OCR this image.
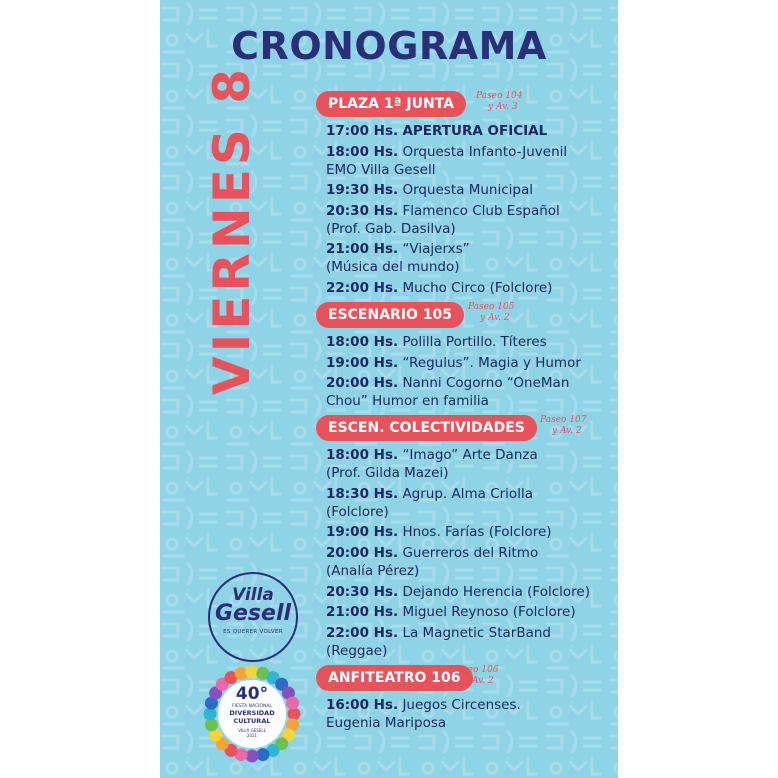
CRONOGRAMA
VIERNES 8	PLAZA 1ª JUNTA Paseo 104
y Av. 3
17:00 Hs. APERTURA OFICIAL
18:00 Hs. Orquesta Infanto-Juvenil
EMO Villa Gesell
19:30 Hs. Orquesta Municipal
20:30 Hs. Flamenco Club Español
(Prof. Gab. Dasilva)
21:00 Hs. “Viajerxs”
(Música del mundo)
22:00 Hs. Mucho Circo (Folclore)
ESCENARIO 105 Paseo 105
y Av. 2
18:00 Hs. Polilla Portillo. Títeres
19:00 Hs. “Regulus”. Magia y Humor
20:00 Hs. Nanni Cogorno “OneMan
Chou” Humor en familia
ESCEN. COLECTIVIDADES Paseo 107
y Av. 2
18:00 Hs. “Imago” Arte Danza
(Prof. Gilda Mazei)
18:30 Hs. Agrup. Alma Criolla
(Folclore)
19:00 Hs. Hnos. Farías (Folclore)
20:00 Hs. Guerreros del Ritmo
(Analía Pérez)
20:30 Hs. Dejando Herencia (Folclore)
21:00 Hs. Miguel Reynoso (Folclore)
22:00 Hs. La Magnetic StarBand
(Reggae)
ANFITEATRO 106
Paseo 106
y Av. 2
16:00 Hs. Juegos Circenses.
Eugenia Mariposa
Villa
Gesell
ES QUERER VOLVER
40°
FIESTA NACIONAL
DIVERSIDAD
CULTURAL
VILLA GESELL
2021
